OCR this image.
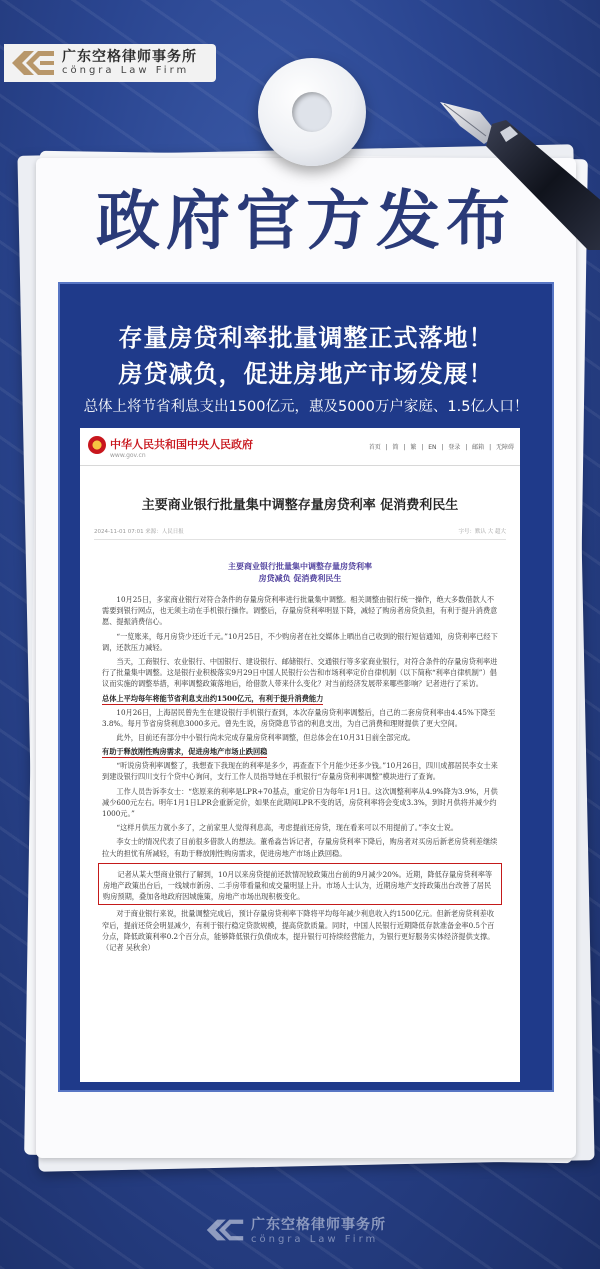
广东空格律师事务所
cöngra Law Firm
政府官方发布
存量房贷利率批量调整正式落地！
房贷减负，促进房地产市场发展！
总体上将节省利息支出1500亿元，惠及5000万户家庭、1.5亿人口！
中华人民共和国中央人民政府
www.gov.cn
首页 | 简 | 繁 | EN | 登录 | 邮箱 | 无障碍
主要商业银行批量集中调整存量房贷利率 促消费利民生
2024-11-01 07:01 来源：人民日报	字号：默认 大 超大
主要商业银行批量集中调整存量房贷利率
房贷减负 促消费利民生

10月25日，多家商业银行对符合条件的存量房贷利率进行批量集中调整。相关调整由银行统一操作，绝大多数借款人不需要到银行网点，也无须主动在手机银行操作。调整后，存量房贷利率明显下降，减轻了购房者房贷负担，有利于提升消费意愿、提振消费信心。

“一览账来，每月房贷少还近千元。”10月25日，不少购房者在社交媒体上晒出自己收到的银行短信通知，房贷利率已经下调，还款压力减轻。

当天，工商银行、农业银行、中国银行、建设银行、邮储银行、交通银行等多家商业银行，对符合条件的存量房贷利率进行了批量集中调整。这是银行业积极落实9月29日中国人民银行公告和市场利率定价自律机制（以下简称“利率自律机制”）倡议而实施的调整举措，利率调整政策落地后，给借款人带来什么变化？对当前经济发展带来哪些影响？记者进行了采访。

总体上平均每年将能节省利息支出约1500亿元，有利于提升消费能力

10月26日，上海居民曾先生在建设银行手机银行查到，本次存量房贷利率调整后，自己的二套房贷利率由4.45%下降至3.8%。每月节省房贷利息3000多元。曾先生说，房贷降息节省的利息支出，为自己消费和理财提供了更大空间。

此外，目前还有部分中小银行尚未完成存量房贷利率调整，但总体会在10月31日前全部完成。

有助于释放刚性购房需求，促进房地产市场止跌回稳

“听说房贷利率调整了，我想查下我现在的利率是多少，再查查下个月能少还多少钱。”10月26日，四川成都居民李女士来到建设银行四川支行个贷中心询问，支行工作人员指导她在手机银行“存量房贷利率调整”模块进行了查询。

工作人员告诉李女士：“您原来的利率是LPR+70基点，重定价日为每年1月1日。这次调整利率从4.9%降为3.9%，月供减少600元左右。明年1月1日LPR会重新定价，如果在此期间LPR不变的话，房贷利率将会变成3.3%，到时月供将并减少约1000元。”

“这样月供压力就小多了，之前家里人觉得利息高，考虑提前还房贷，现在看来可以不用提前了。”李女士说。

李女士的情况代表了目前很多借款人的想法。董希淼告诉记者，存量房贷利率下降后，购房者对买房后新老房贷利差继续拉大的担忧有所减轻，有助于释放刚性购房需求，促进房地产市场止跌回稳。

记者从某大型商业银行了解到，10月以来房贷提前还款情况较政策出台前的9月减少20%。近期，降低存量房贷利率等房地产政策出台后，一线城市新房、二手房带看量和成交量明显上升。市场人士认为，近期房地产支持政策出台改善了居民购房预期，叠加各地政府因城施策，房地产市场出现积极变化。

对于商业银行来说，批量调整完成后，预计存量房贷利率下降将平均每年减少利息收入约1500亿元。但新老房贷利差收窄后，提前还贷会明显减少，有利于银行稳定贷款规模，提高贷款质量。同时，中国人民银行近期降低存款准备金率0.5个百分点，降低政策利率0.2个百分点，能够降低银行负债成本，提升银行可持续经营能力，为银行更好服务实体经济提供支撑。（记者 吴秋余）

广东空格律师事务所
cöngra Law Firm
